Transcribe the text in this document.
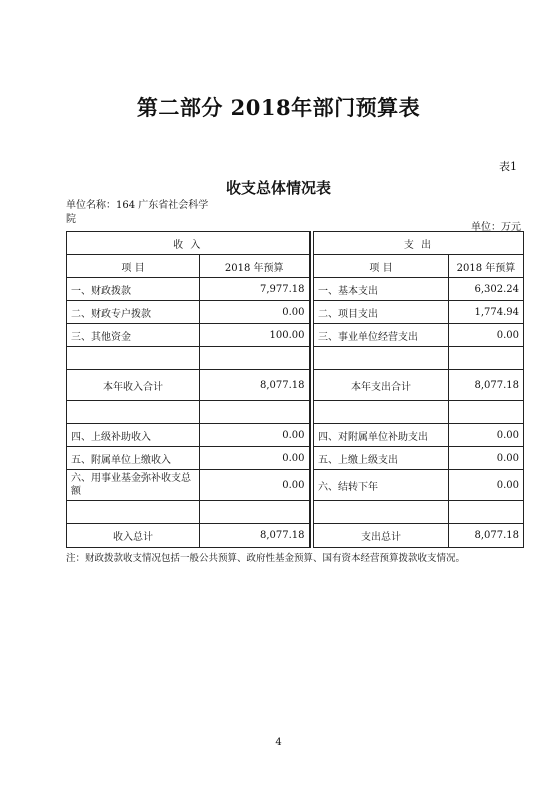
第二部分 2018年部门预算表
表1
收支总体情况表
单位名称：164 广东省社会科学院
单位：万元
收 入			支 出	
项 目	2018 年预算		项 目	2018 年预算
一、财政拨款	7,977.18		一、基本支出	6,302.24
二、财政专户拨款	0.00		二、项目支出	1,774.94
三、其他资金	100.00		三、事业单位经营支出	0.00

本年收入合计	8,077.18		本年支出合计	8,077.18

四、上级补助收入	0.00		四、对附属单位补助支出	0.00
五、附属单位上缴收入	0.00		五、上缴上级支出	0.00
六、用事业基金弥补收支总额	0.00		六、结转下年	0.00

收入总计	8,077.18		支出总计	8,077.18
注：财政拨款收支情况包括一般公共预算、政府性基金预算、国有资本经营预算拨款收支情况。
4
